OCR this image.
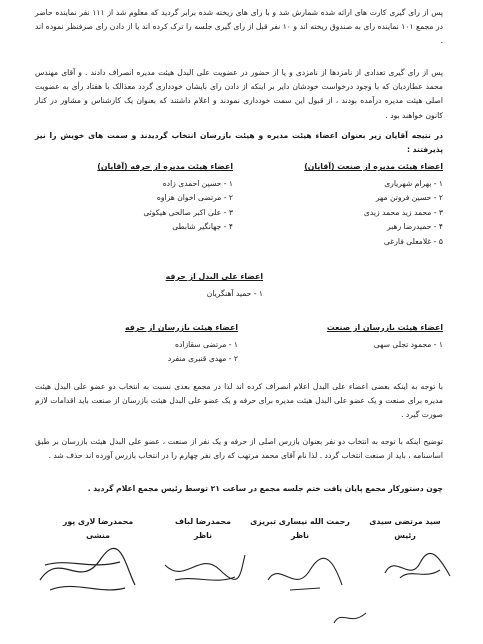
پس از رای گیری کارت های ارائه شده شمارش شد و با رای های ریخته شده برابر گردید که معلوم شد از ۱۱۱ نفر نماینده حاضر در مجمع ۱۰۱ نماینده رای به صندوق ریخته اند و ۱۰ نفر قبل از رای گیری جلسه را ترک کرده اند یا از دادن رای صرفنظر نموده اند .

پس از رای گیری تعدادی از نامزدها از نامزدی و یا از حضور در عضویت علی البدل هیئت مدیره انصراف دادند . و آقای مهندس محمد عطاردیان که با وجود درخواست خودشان دایر بر اینکه از دادن رای بایشان خودداری گردد معذالک با هفتاد رأی به عضویت اصلی هیئت مدیره درآمده بودند ، از قبول این سمت خودداری نمودند و اعلام داشتند که بعنوان یک کارشناس و مشاور در کنار کانون خواهند بود .

در نتیجه آقایان زیر بعنوان اعضاء هیئت مدیره و هیئت بازرسان انتخاب گردیدند و سمت های خویش را نیز پذیرفتند :

اعضاء هیئت مدیره از صنعت (آقایان)
۱ - بهرام شهریاری
۲ - حسین فروتن مهر
۳ - محمد زید محمد زیدی
۴ - حمیدرضا رهبر
۵ - غلامعلی فارغی
اعضاء هیئت مدیره از حرفه (آقایان)
۱ - حسین احمدی زاده
۲ - مرتضی اخوان هزاوه
۳ - علی اکبر صالحی هیکوئی
۴ - جهانگیر شابطی
اعضاء علی البدل از حرفه
۱ - حمید آهنگریان
اعضاء هیئت بازرسان از حرفه
۱ - مرتضی سقازاده
۲ - مهدی قنبری منفرد
اعضاء هیئت بازرسان از صنعت
۱ - محمود تجلی سهی

با توجه به اینکه بعضی اعضاء علی البدل اعلام انصراف کرده اند لذا در مجمع بعدی نسبت به انتخاب دو عضو علی البدل هیئت مدیره برای صنعت و یک عضو علی البدل هیئت مدیره برای حرفه و یک عضو علی البدل هیئت بازرسان از صنعت باید اقدامات لازم صورت گیرد .

توضیح اینکه با توجه به انتخاب دو نفر بعنوان بازرس اصلی از حرفه و یک نفر از صنعت ، عضو علی البدل هیئت بازرسان بر طبق اساسنامه ، باید از صنعت انتخاب گردد . لذا نام آقای محمد مرتهب که رای نفر چهارم را در انتخاب بازرس آورده اند حذف شد .

چون دستورکار مجمع پایان یافت ختم جلسه مجمع در ساعت ۲۱ توسط رئیس مجمع اعلام گردید .

سید مرتضی سیدی
رئیس
رحمت الله نیساری تبریزی
ناظر
محمدرضا لباف
ناظر
محمدرضا لاری پور
منشی
